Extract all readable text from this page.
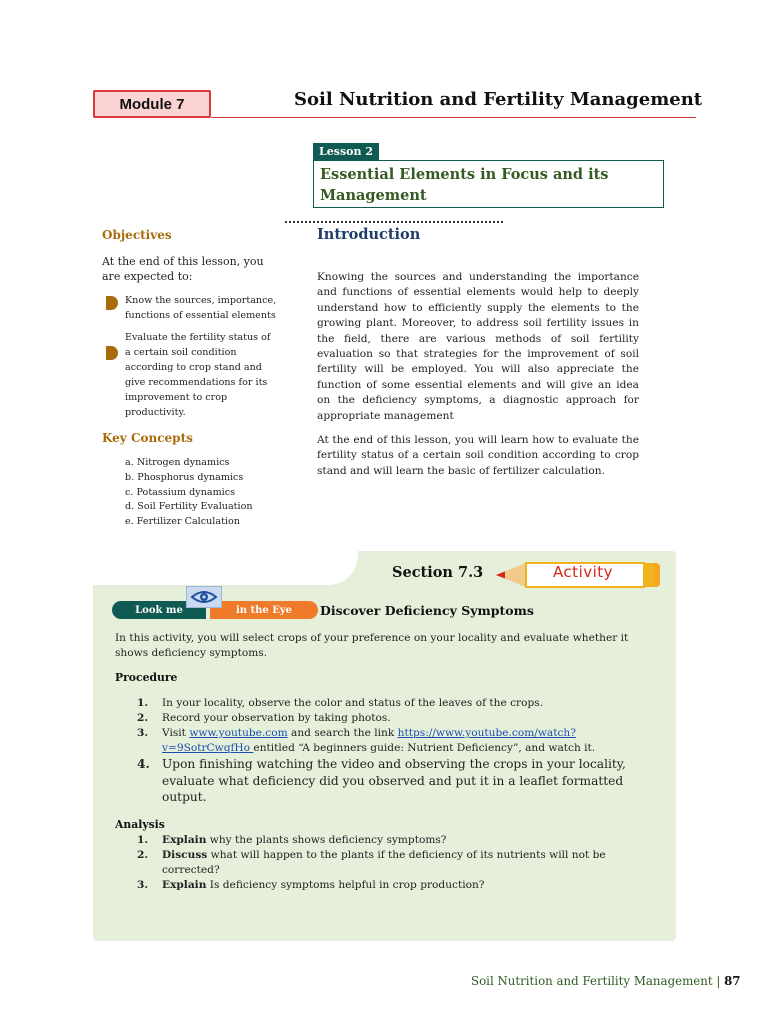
Module 7	Soil Nutrition and Fertility Management
Lesson 2
Essential Elements in Focus and its
Management
Objectives
At the end of this lesson, you
are expected to:
Know the sources, importance,
functions of essential elements
Evaluate the fertility status of
a certain soil condition
according to crop stand and
give recommendations for its
improvement to crop
productivity.
Key Concepts
a. Nitrogen dynamics
b. Phosphorus dynamics
c. Potassium dynamics
d. Soil Fertility Evaluation
e. Fertilizer Calculation
Introduction

Knowing the sources and understanding the importance and functions of essential elements would help to deeply understand how to efficiently supply the elements to the growing plant. Moreover, to address soil fertility issues in the field, there are various methods of soil fertility evaluation so that strategies for the improvement of soil fertility will be employed. You will also appreciate the function of some essential elements and will give an idea on the deficiency symptoms, a diagnostic approach for appropriate management

At the end of this lesson, you will learn how to evaluate the fertility status of a certain soil condition according to crop stand and will learn the basic of fertilizer calculation.

Section 7.3	Activity
Look me	in the Eye	Discover Deficiency Symptoms

In this activity, you will select crops of your preference on your locality and evaluate whether it shows deficiency symptoms.

Procedure
1. In your locality, observe the color and status of the leaves of the crops.
2. Record your observation by taking photos.
3. Visit www.youtube.com and search the link https://www.youtube.com/watch?v=9SotrCwqfHo entitled “A beginners guide: Nutrient Deficiency”, and watch it.
4. Upon finishing watching the video and observing the crops in your locality, evaluate what deficiency did you observed and put it in a leaflet formatted output.
Analysis
1. Explain why the plants shows deficiency symptoms?
2. Discuss what will happen to the plants if the deficiency of its nutrients will not be corrected?
3. Explain Is deficiency symptoms helpful in crop production?
Soil Nutrition and Fertility Management | 87
